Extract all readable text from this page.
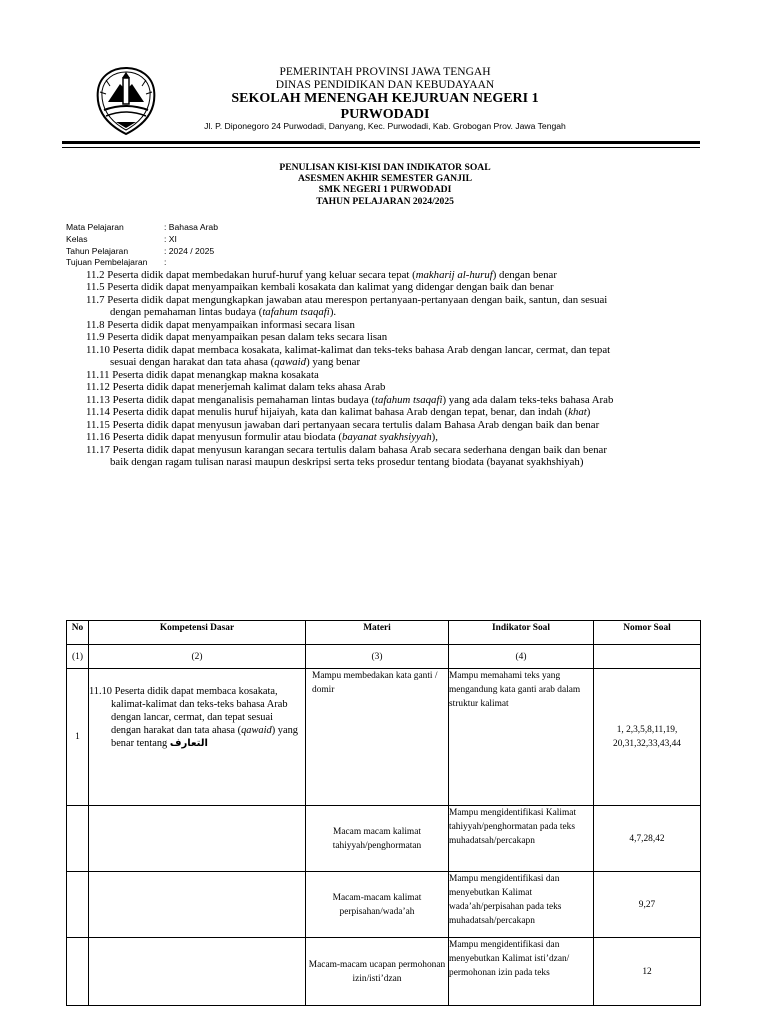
PEMERINTAH PROVINSI JAWA TENGAH
DINAS PENDIDIKAN DAN KEBUDAYAAN
SEKOLAH MENENGAH KEJURUAN NEGERI 1
PURWODADI
Jl. P. Diponegoro 24 Purwodadi, Danyang, Kec. Purwodadi, Kab. Grobogan Prov. Jawa Tengah
PENULISAN KISI-KISI DAN INDIKATOR SOAL
ASESMEN AKHIR SEMESTER GANJIL
SMK NEGERI 1 PURWODADI
TAHUN PELAJARAN 2024/2025
Mata Pelajaran	: Bahasa Arab
Kelas	: XI
Tahun Pelajaran	: 2024 / 2025
Tujuan Pembelajaran :
11.2 Peserta didik dapat membedakan huruf-huruf yang keluar secara tepat (makharij al-huruf) dengan benar
11.5 Peserta didik dapat menyampaikan kembali kosakata dan kalimat yang didengar dengan baik dan benar
11.7 Peserta didik dapat mengungkapkan jawaban atau merespon pertanyaan-pertanyaan dengan baik, santun, dan sesuai
dengan pemahaman lintas budaya (tafahum tsaqafi).
11.8 Peserta didik dapat menyampaikan informasi secara lisan
11.9 Peserta didik dapat menyampaikan pesan dalam teks secara lisan
11.10 Peserta didik dapat membaca kosakata, kalimat-kalimat dan teks-teks bahasa Arab dengan lancar, cermat, dan tepat
sesuai dengan harakat dan tata ahasa (qawaid) yang benar
11.11 Peserta didik dapat menangkap makna kosakata
11.12 Peserta didik dapat menerjemah kalimat dalam teks ahasa Arab
11.13 Peserta didik dapat menganalisis pemahaman lintas budaya (tafahum tsaqafi) yang ada dalam teks-teks bahasa Arab
11.14 Peserta didik dapat menulis huruf hijaiyah, kata dan kalimat bahasa Arab dengan tepat, benar, dan indah (khat)
11.15 Peserta didik dapat menyusun jawaban dari pertanyaan secara tertulis dalam Bahasa Arab dengan baik dan benar
11.16 Peserta didik dapat menyusun formulir atau biodata (bayanat syakhsiyyah),
11.17 Peserta didik dapat menyusun karangan secara tertulis dalam bahasa Arab secara sederhana dengan baik dan benar
baik dengan ragam tulisan narasi maupun deskripsi serta teks prosedur tentang biodata (bayanat syakhshiyah)
No	Kompetensi Dasar	Materi	Indikator Soal	Nomor Soal
(1)	(2)	(3)	(4)	
1	11.10 Peserta didik dapat membaca kosakata, kalimat-kalimat dan teks-teks bahasa Arab dengan lancar, cermat, dan tepat sesuai dengan harakat dan tata ahasa (qawaid) yang benar tentang التعارف	Mampu membedakan kata ganti / domir	Mampu memahami teks yang mengandung kata ganti arab dalam struktur kalimat	1, 2,3,5,8,11,19, 20,31,32,33,43,44
		Macam macam kalimat tahiyyah/penghormatan	Mampu mengidentifikasi Kalimat tahiyyah/penghormatan pada teks muhadatsah/percakapn	4,7,28,42
		Macam-macam kalimat perpisahan/wada’ah	Mampu mengidentifikasi dan menyebutkan Kalimat wada’ah/perpisahan pada teks muhadatsah/percakapn	9,27
		Macam-macam ucapan permohonan izin/isti’dzan	Mampu mengidentifikasi dan menyebutkan Kalimat isti’dzan/ permohonan izin pada teks	12
